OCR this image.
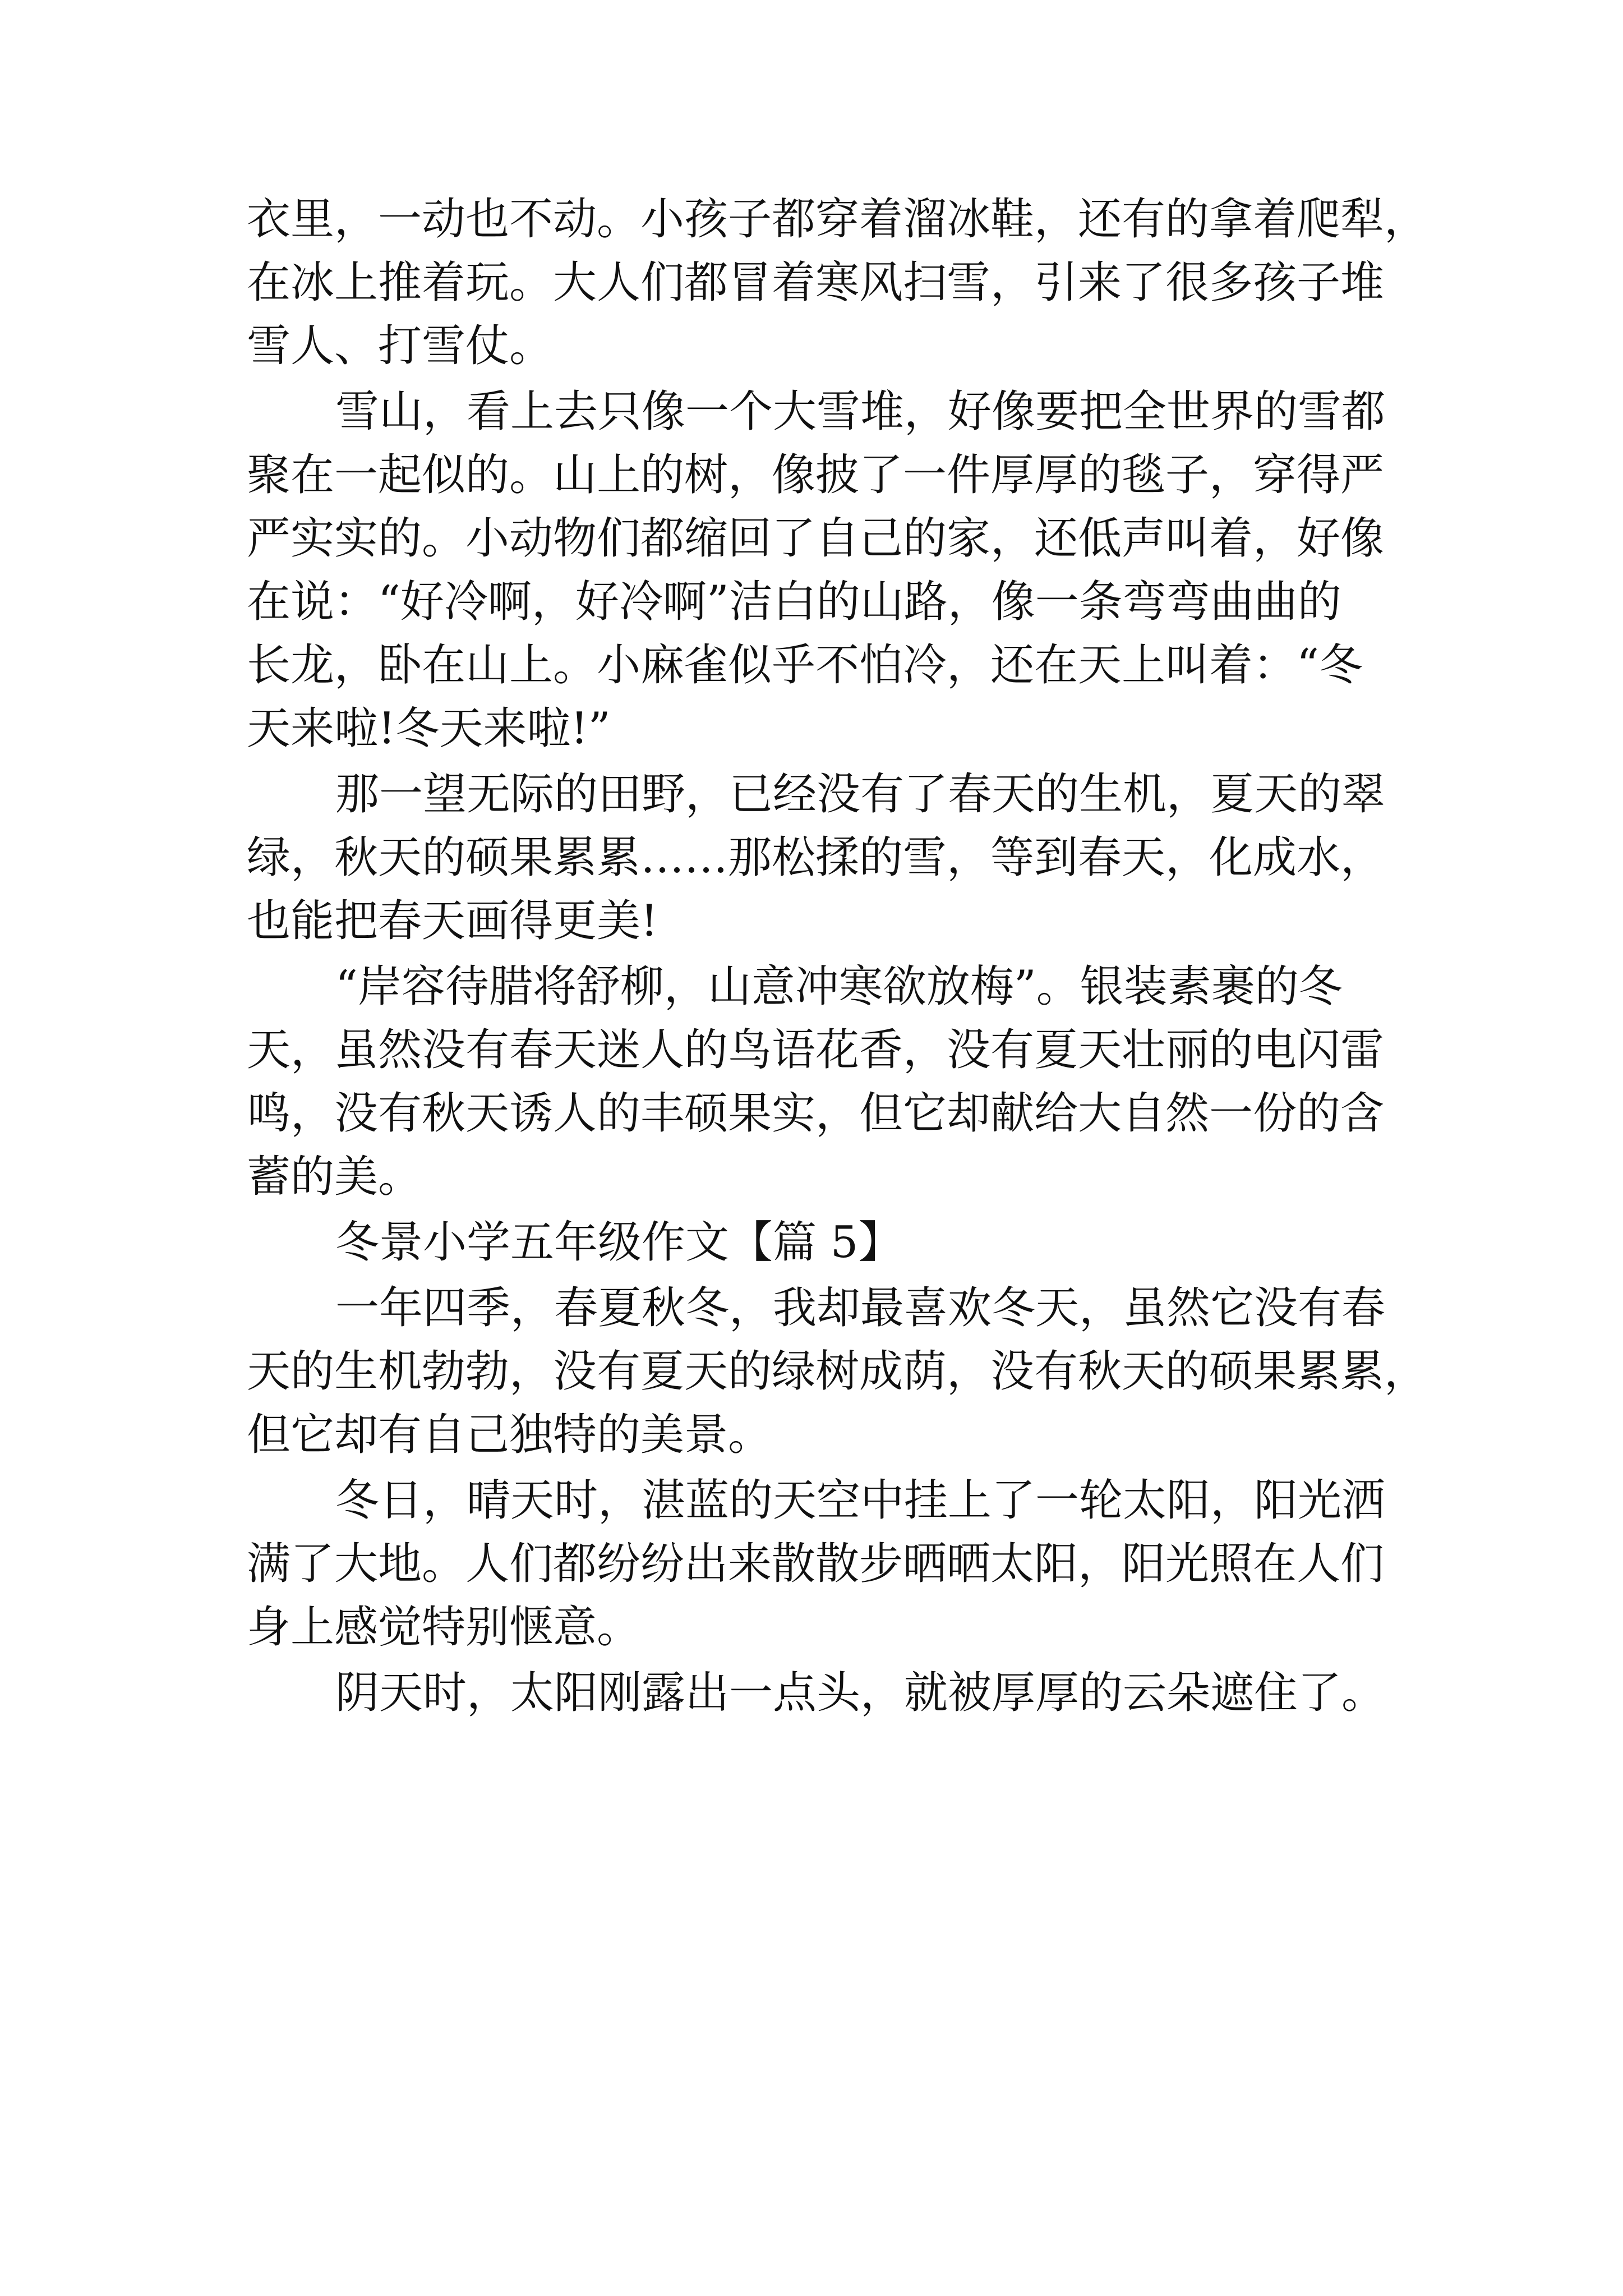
衣里，一动也不动。小孩子都穿着溜冰鞋，还有的拿着爬犁，
在冰上推着玩。大人们都冒着寒风扫雪，引来了很多孩子堆
雪人、打雪仗。
雪山，看上去只像一个大雪堆，好像要把全世界的雪都
聚在一起似的。山上的树，像披了一件厚厚的毯子，穿得严
严实实的。小动物们都缩回了自己的家，还低声叫着，好像
在说：“好冷啊，好冷啊”洁白的山路，像一条弯弯曲曲的
长龙，卧在山上。小麻雀似乎不怕冷，还在天上叫着：“冬
天来啦!冬天来啦!”
那一望无际的田野，已经没有了春天的生机，夏天的翠
绿，秋天的硕果累累……那松揉的雪，等到春天，化成水，
也能把春天画得更美!
“岸容待腊将舒柳，山意冲寒欲放梅”。银装素裹的冬
天，虽然没有春天迷人的鸟语花香，没有夏天壮丽的电闪雷
鸣，没有秋天诱人的丰硕果实，但它却献给大自然一份的含
蓄的美。
冬景小学五年级作文【篇 5】
一年四季，春夏秋冬，我却最喜欢冬天，虽然它没有春
天的生机勃勃，没有夏天的绿树成荫，没有秋天的硕果累累，
但它却有自己独特的美景。
冬日，晴天时，湛蓝的天空中挂上了一轮太阳，阳光洒
满了大地。人们都纷纷出来散散步晒晒太阳，阳光照在人们
身上感觉特别惬意。
阴天时，太阳刚露出一点头，就被厚厚的云朵遮住了。
